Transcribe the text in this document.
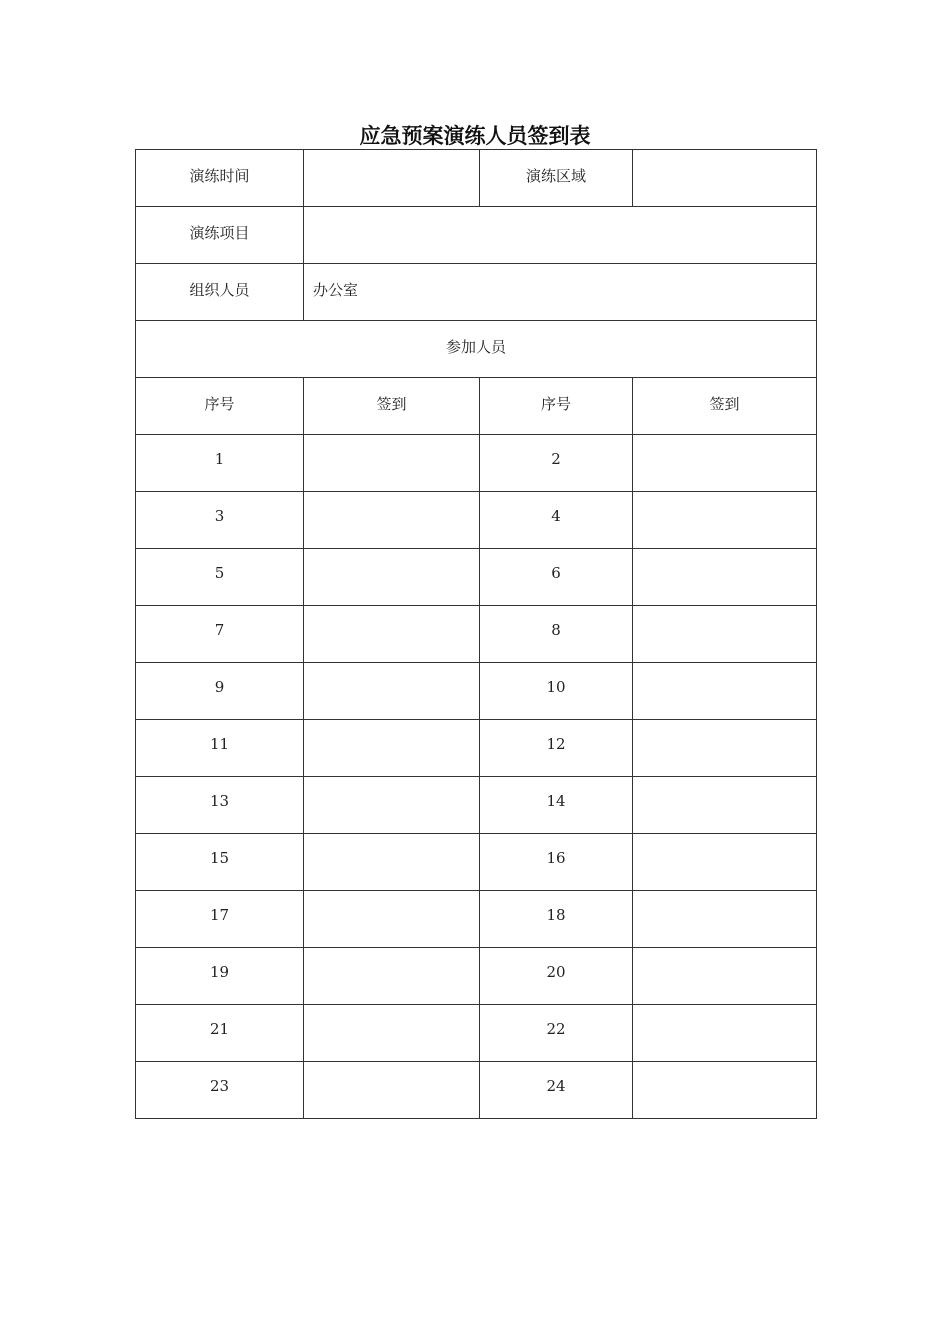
应急预案演练人员签到表
演练时间		演练区域	
演练项目			
组织人员	办公室		
参加人员			
序号	签到	序号	签到
1		2	
3		4	
5		6	
7		8	
9		10	
11		12	
13		14	
15		16	
17		18	
19		20	
21		22	
23		24	
